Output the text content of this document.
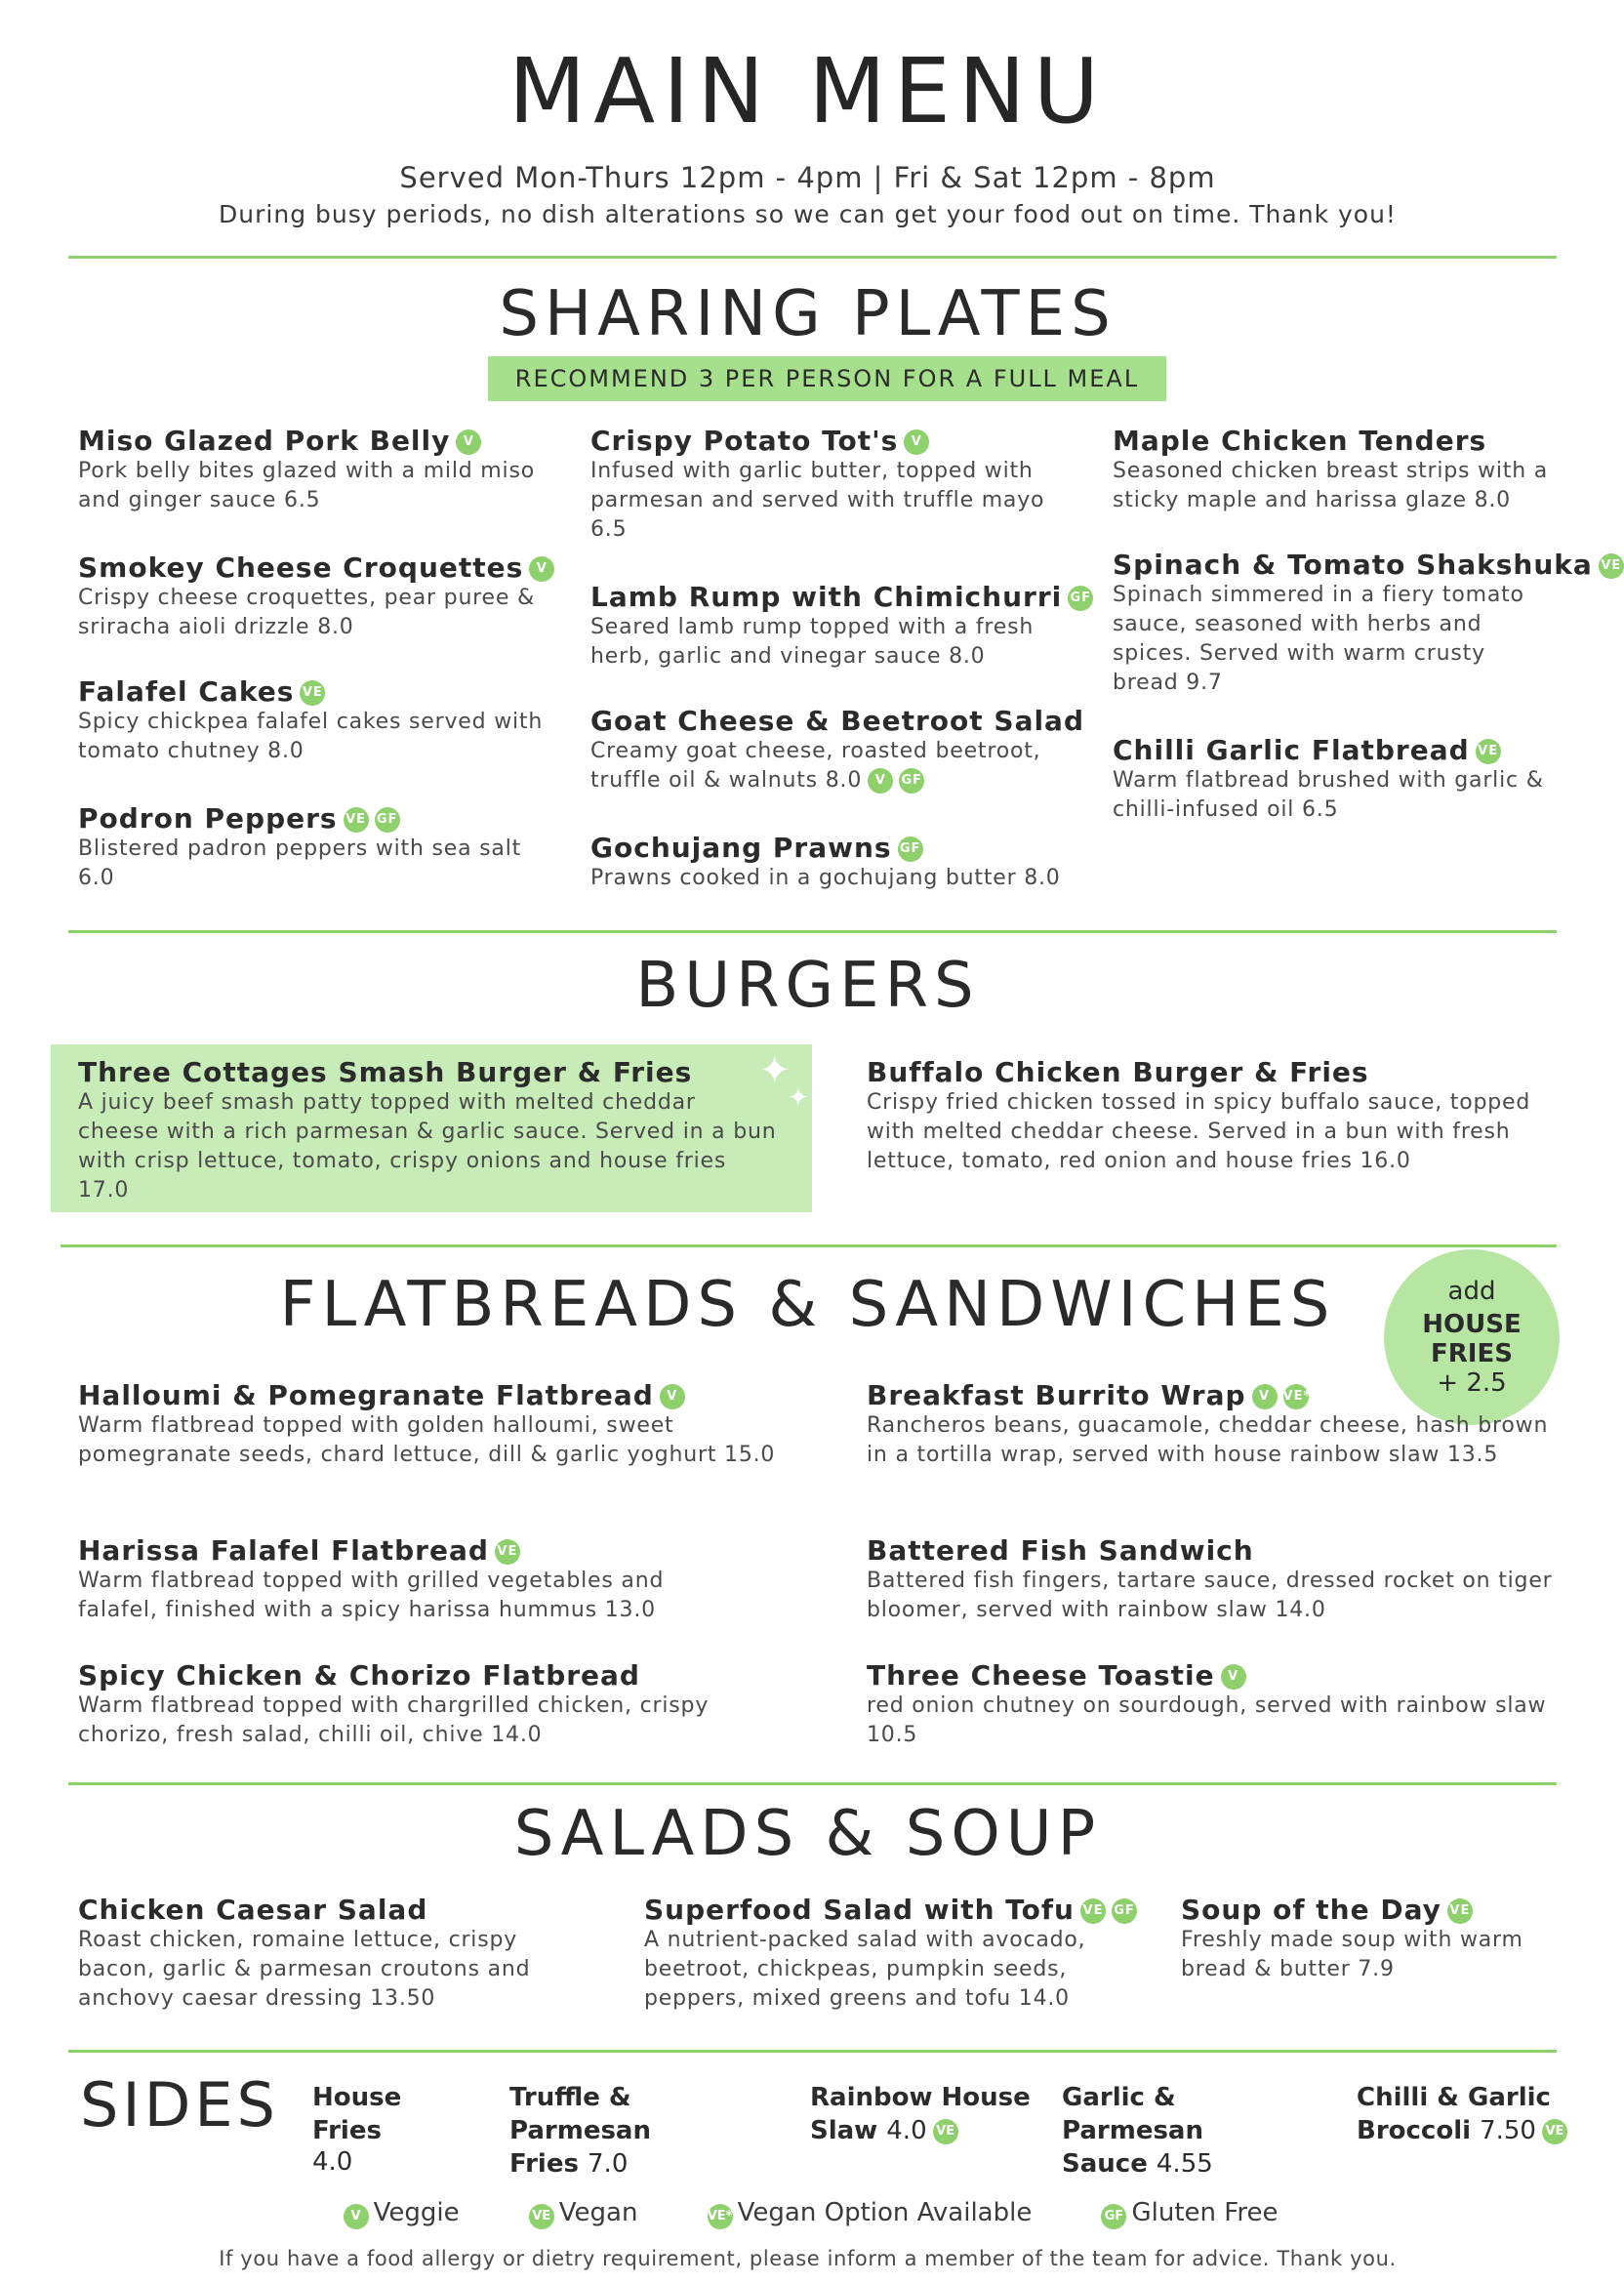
MAIN MENU
Served Mon-Thurs 12pm - 4pm | Fri & Sat 12pm - 8pm
During busy periods, no dish alterations so we can get your food out on time. Thank you!
SHARING PLATES
RECOMMEND 3 PER PERSON FOR A FULL MEAL
Miso Glazed Pork Belly V
Pork belly bites glazed with a mild miso and ginger sauce 6.5
Smokey Cheese Croquettes V
Crispy cheese croquettes, pear puree & sriracha aioli drizzle 8.0
Falafel Cakes VE
Spicy chickpea falafel cakes served with tomato chutney 8.0
Podron Peppers VE GF
Blistered padron peppers with sea salt 6.0
Crispy Potato Tot's V
Infused with garlic butter, topped with parmesan and served with truffle mayo 6.5
Lamb Rump with Chimichurri GF
Seared lamb rump topped with a fresh herb, garlic and vinegar sauce 8.0
Goat Cheese & Beetroot Salad
Creamy goat cheese, roasted beetroot, truffle oil & walnuts 8.0 V GF
Gochujang Prawns GF
Prawns cooked in a gochujang butter 8.0
Maple Chicken Tenders
Seasoned chicken breast strips with a sticky maple and harissa glaze 8.0
Spinach & Tomato Shakshuka VE
Spinach simmered in a fiery tomato sauce, seasoned with herbs and spices. Served with warm crusty bread 9.7
Chilli Garlic Flatbread VE
Warm flatbread brushed with garlic & chilli-infused oil 6.5
BURGERS
Three Cottages Smash Burger & Fries
A juicy beef smash patty topped with melted cheddar cheese with a rich parmesan & garlic sauce. Served in a bun with crisp lettuce, tomato, crispy onions and house fries 17.0
✦
✦
Buffalo Chicken Burger & Fries
Crispy fried chicken tossed in spicy buffalo sauce, topped with melted cheddar cheese. Served in a bun with fresh lettuce, tomato, red onion and house fries 16.0
FLATBREADS & SANDWICHES	add
HOUSE
FRIES
+ 2.5
Halloumi & Pomegranate Flatbread V
Warm flatbread topped with golden halloumi, sweet pomegranate seeds, chard lettuce, dill & garlic yoghurt 15.0
Harissa Falafel Flatbread VE
Warm flatbread topped with grilled vegetables and falafel, finished with a spicy harissa hummus 13.0
Spicy Chicken & Chorizo Flatbread
Warm flatbread topped with chargrilled chicken, crispy chorizo, fresh salad, chilli oil, chive 14.0
Breakfast Burrito Wrap V VE*
Rancheros beans, guacamole, cheddar cheese, hash brown in a tortilla wrap, served with house rainbow slaw 13.5
Battered Fish Sandwich
Battered fish fingers, tartare sauce, dressed rocket on tiger bloomer, served with rainbow slaw 14.0
Three Cheese Toastie V
red onion chutney on sourdough, served with rainbow slaw 10.5
SALADS & SOUP
Chicken Caesar Salad
Roast chicken, romaine lettuce, crispy bacon, garlic & parmesan croutons and anchovy caesar dressing 13.50
Superfood Salad with Tofu VE GF
A nutrient-packed salad with avocado, beetroot, chickpeas, pumpkin seeds, peppers, mixed greens and tofu 14.0
Soup of the Day VE
Freshly made soup with warm bread & butter 7.9
SIDES House Fries
4.0
Truffle & Parmesan
Fries 7.0
Rainbow House
Slaw 4.0 VE
Garlic & Parmesan
Sauce 4.55
Chilli & Garlic
Broccoli 7.50 VE
V Veggie	VE Vegan	VE* Vegan Option Available	GF Gluten Free
If you have a food allergy or dietry requirement, please inform a member of the team for advice. Thank you.
